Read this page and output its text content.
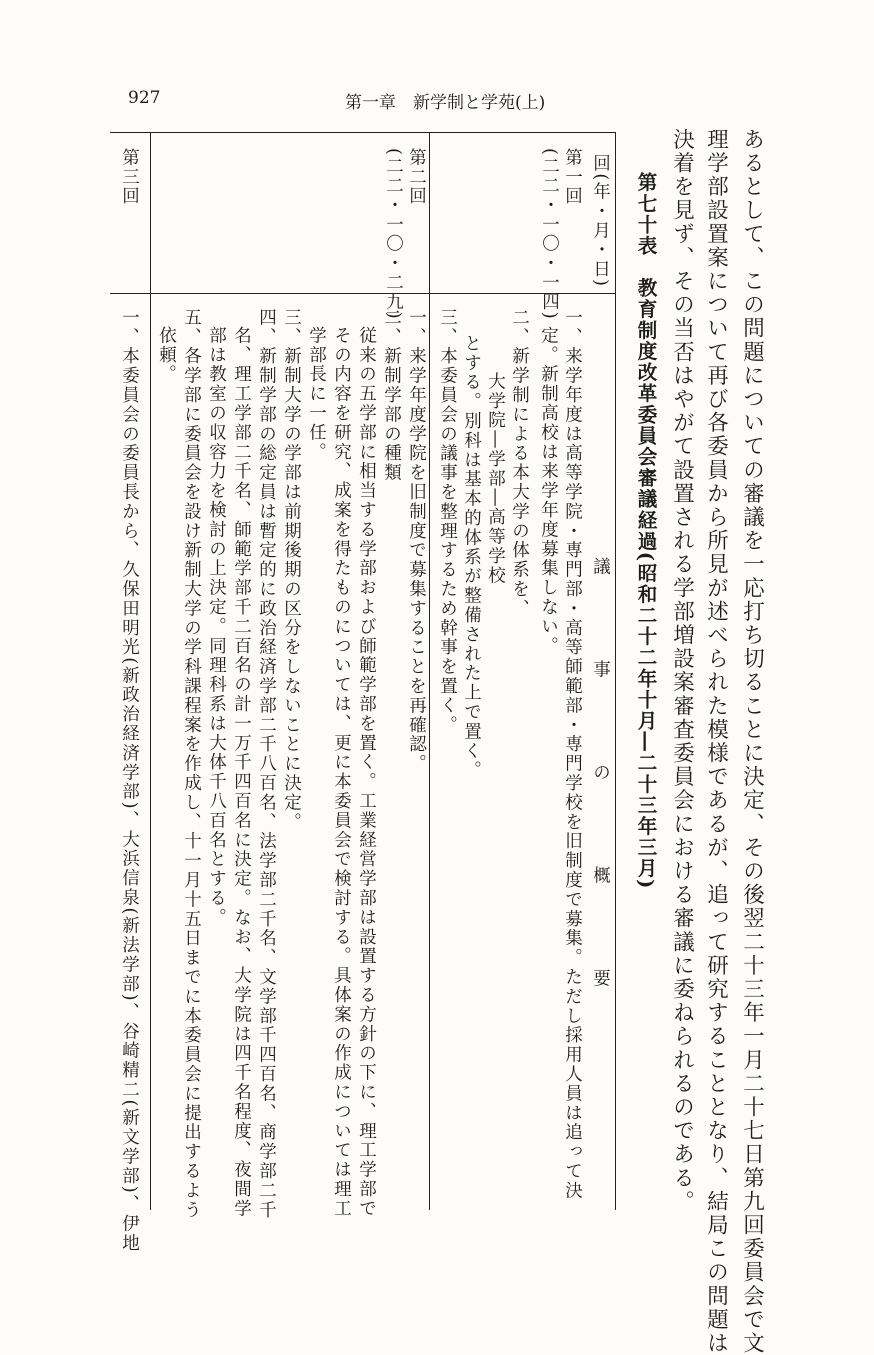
927	第一章　新学制と学苑(上)
あるとして、この問題についての審議を一応打ち切ることに決定、その後翌二十三年一月二十七日第九回委員会で文
理学部設置案について再び各委員から所見が述べられた模様であるが、追って研究することとなり、結局この問題は
決着を見ず、その当否はやがて設置される学部増設案審査委員会における審議に委ねられるのである。
第七十表　教育制度改革委員会審議経過(昭和二十二年十月―二十三年三月)
回(年・月・日)
議　事　の　概　要
第一回
(二二・一〇・一四)
一、来学年度は高等学院・専門部・高等師範部・専門学校を旧制度で募集。ただし採用人員は追って決
定。新制高校は来学年度募集しない。
二、新学制による本大学の体系を、
大学院―学部―高等学校
とする。別科は基本的体系が整備された上で置く。
三、本委員会の議事を整理するため幹事を置く。
第二回
(二二・一〇・二九)
一、来学年度学院を旧制度で募集することを再確認。
二、新制学部の種類
従来の五学部に相当する学部および師範学部を置く。工業経営学部は設置する方針の下に、理工学部で
その内容を研究、成案を得たものについては、更に本委員会で検討する。具体案の作成については理工
学部長に一任。
三、新制大学の学部は前期後期の区分をしないことに決定。
四、新制学部の総定員は暫定的に政治経済学部二千八百名、法学部二千名、文学部千四百名、商学部二千
名、理工学部二千名、師範学部千二百名の計一万千四百名に決定。なお、大学院は四千名程度、夜間学
部は教室の収容力を検討の上決定。同理科系は大体千八百名とする。
五、各学部に委員会を設け新制大学の学科課程案を作成し、十一月十五日までに本委員会に提出するよう
依頼。
第三回
一、本委員会の委員長から、久保田明光(新政治経済学部)、大浜信泉(新法学部)、谷崎精二(新文学部)、伊地
